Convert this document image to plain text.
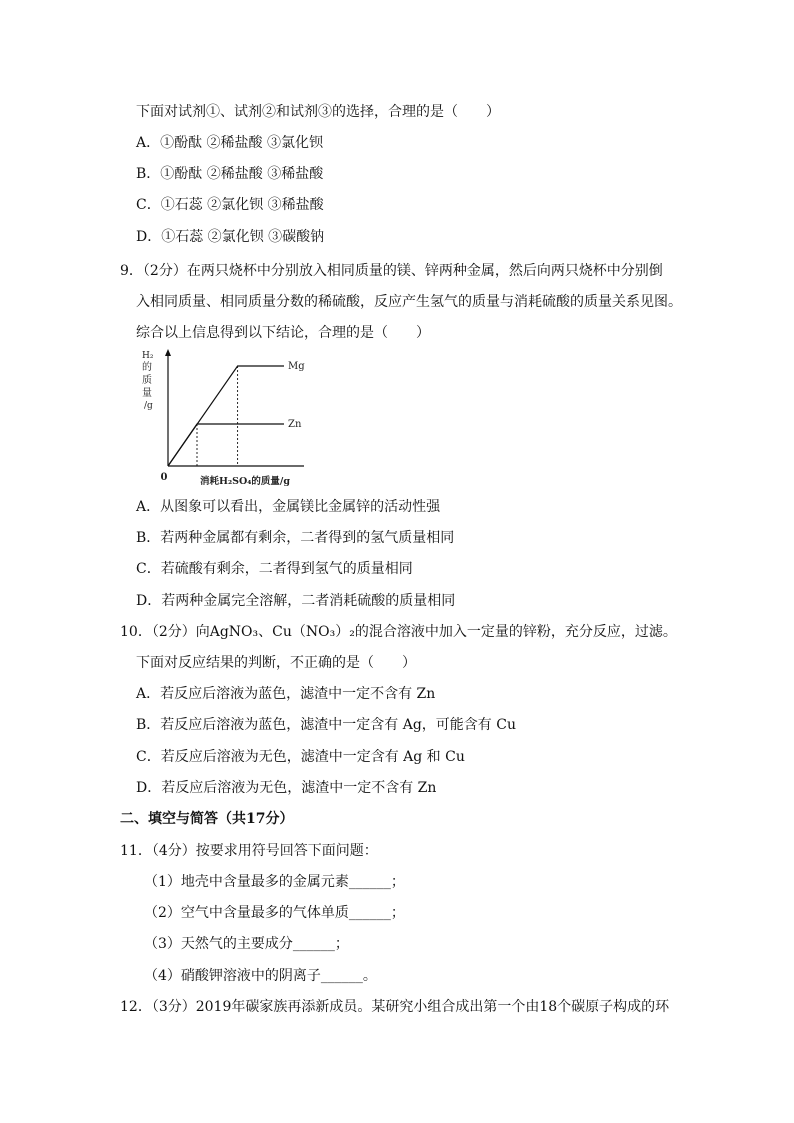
下面对试剂①、试剂②和试剂③的选择，合理的是（　　）
A．①酚酞 ②稀盐酸 ③氯化钡
B．①酚酞 ②稀盐酸 ③稀盐酸
C．①石蕊 ②氯化钡 ③稀盐酸
D．①石蕊 ②氯化钡 ③碳酸钠
9．（2分）在两只烧杯中分别放入相同质量的镁、锌两种金属，然后向两只烧杯中分别倒
入相同质量、相同质量分数的稀硫酸，反应产生氢气的质量与消耗硫酸的质量关系见图。
综合以上信息得到以下结论，合理的是（　　）
H₂
的
质
量
/g
0	消耗H₂SO₄的质量/g
Mg
Zn
A．从图象可以看出，金属镁比金属锌的活动性强
B．若两种金属都有剩余，二者得到的氢气质量相同
C．若硫酸有剩余，二者得到氢气的质量相同
D．若两种金属完全溶解，二者消耗硫酸的质量相同
10．（2分）向AgNO₃、Cu（NO₃）₂的混合溶液中加入一定量的锌粉，充分反应，过滤。
下面对反应结果的判断，不正确的是（　　）
A．若反应后溶液为蓝色，滤渣中一定不含有 Zn
B．若反应后溶液为蓝色，滤渣中一定含有 Ag，可能含有 Cu
C．若反应后溶液为无色，滤渣中一定含有 Ag 和 Cu
D．若反应后溶液为无色，滤渣中一定不含有 Zn
二、填空与简答（共17分）
11．（4分）按要求用符号回答下面问题：
（1）地壳中含量最多的金属元素______；
（2）空气中含量最多的气体单质______；
（3）天然气的主要成分______；
（4）硝酸钾溶液中的阴离子______。
12．（3分）2019年碳家族再添新成员。某研究小组合成出第一个由18个碳原子构成的环
